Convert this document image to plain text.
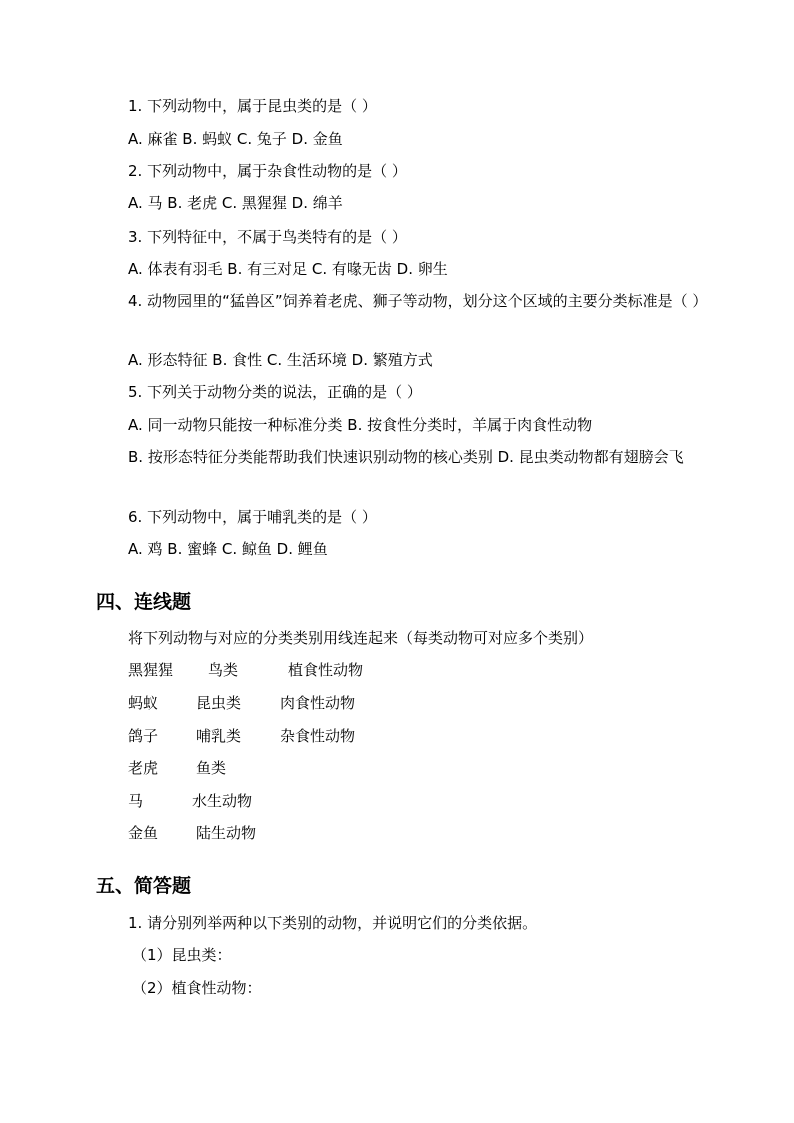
1. 下列动物中，属于昆虫类的是（ ）
A. 麻雀 B. 蚂蚁 C. 兔子 D. 金鱼
2. 下列动物中，属于杂食性动物的是（ ）
A. 马 B. 老虎 C. 黑猩猩 D. 绵羊
3. 下列特征中，不属于鸟类特有的是（ ）
A. 体表有羽毛 B. 有三对足 C. 有喙无齿 D. 卵生
4. 动物园里的“猛兽区”饲养着老虎、狮子等动物，划分这个区域的主要分类标准是（ ）
A. 形态特征 B. 食性 C. 生活环境 D. 繁殖方式
5. 下列关于动物分类的说法，正确的是（ ）
A. 同一动物只能按一种标准分类 B. 按食性分类时，羊属于肉食性动物
B. 按形态特征分类能帮助我们快速识别动物的核心类别 D. 昆虫类动物都有翅膀会飞
6. 下列动物中，属于哺乳类的是（ ）
A. 鸡 B. 蜜蜂 C. 鲸鱼 D. 鲤鱼
四、连线题
将下列动物与对应的分类类别用线连起来（每类动物可对应多个类别）
黑猩猩 鸟类	植食性动物
蚂蚁	昆虫类	肉食性动物
鸽子	哺乳类	杂食性动物
老虎	鱼类
马	水生动物
金鱼	陆生动物
五、简答题
1. 请分别列举两种以下类别的动物，并说明它们的分类依据。
（1）昆虫类：
（2）植食性动物：
